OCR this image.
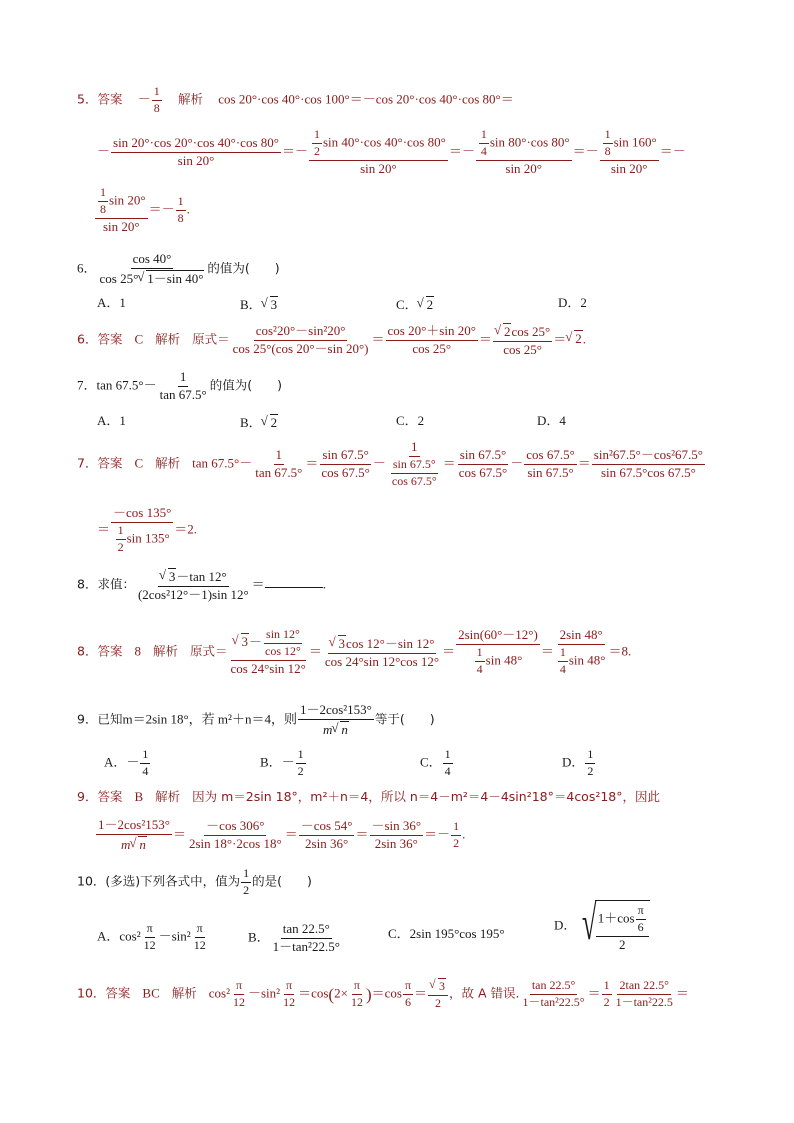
5．答案 － $\frac{1}{8}$ 解析 cos 20°·cos 40°·cos 100°＝－cos 20°·cos 40°·cos 80°＝
－ $\frac{\sin 20^\circ\cdot\cos 20^\circ\cdot\cos 40^\circ\cdot\cos 80^\circ}{\sin 20^\circ} =- \frac{\frac{1}{2} \sin 40^\circ\cdot\cos 40^\circ\cdot\cos 80^\circ}{\sin 20^\circ} =- \frac{\frac{1}{4} \sin 80^\circ\cdot\cos 80^\circ}{\sin 20^\circ} =- \frac{\frac{1}{8} \sin 160^\circ}{\sin 20^\circ}$ ＝－
$\frac{\frac{1}{8} \sin 20^\circ}{\sin 20^\circ} =- \frac{1}{8}$ .
6． $\frac{\cos 40^\circ}{\cos 25^\circ √ 1-\sin 40^\circ}$ 的值为(　　)
A．1	B． √ 3	C． √ 2	D．2
6．答案 C 解析 原式＝ $\frac{\text{cos²20°－sin²20°}}{\cos 25^\circ(\cos 20^\circ-\sin 20^\circ)} = \frac{\cos 20^\circ+\sin 20^\circ}{\cos 25^\circ}$ ＝ √ $\frac{2\cos 25^\circ}{\cos 25^\circ}$ ＝ √ 2.
7．$\tan 67.5^\circ- \frac{1}{\tan 67.5^\circ}$ 的值为(　　)
A．1	B． √ 2	C．2	D．4
7．答案 C 解析 $\tan 67.5^\circ- \frac{1}{\tan 67.5^\circ} = \frac{\sin 67.5^\circ}{\cos 67.5^\circ} - \frac{1}{\frac{\sin 67.5^\circ}{\cos 67.5^\circ}} = \frac{\sin 67.5^\circ}{\cos 67.5^\circ} - \frac{\cos 67.5^\circ}{\sin 67.5^\circ} = \frac{\text{sin²67.5°－cos²67.5°}}{\sin 67.5^\circ\cos 67.5^\circ}$
＝ $\frac{-\cos 135^\circ}{\frac{1}{2} \sin 135^\circ} =2$.
8．求值： √ $\frac{3-\tan 12^\circ}{\text{(2cos²12°－1)sin 12°}}$ ＝	.
8．答案 8 解析 原式＝ √ $\frac{3- \frac{\sin 12^\circ}{\cos 12^\circ}}{\cos 24^\circ\sin 12^\circ}$ ＝ √ $\frac{3\cos 12^\circ-\sin 12^\circ}{\cos 24^\circ\sin 12^\circ\cos 12^\circ} = \frac{2\sin(60^\circ-12^\circ)}{\frac{1}{4} \sin 48^\circ} = \frac{2\sin 48^\circ}{\frac{1}{4} \sin 48^\circ} =8$.
9．已知m＝2sin 18°，若 m²＋n＝4，则 $\frac{\text{1－2cos²153°}}{m √ n}$ 等于(　　)
A．－ $\frac{1}{4}$	B．－ $\frac{1}{2}$	C． $\frac{1}{4}$	D． $\frac{1}{2}$
9．答案 B 解析 因为 m＝2sin 18°，m²＋n＝4，所以 n＝4－m²＝4－4sin²18°＝4cos²18°，因此
$\frac{\text{1－2cos²153°}}{m √ n} = \frac{-\cos 306^\circ}{2\sin 18^\circ\cdot 2\cos 18^\circ} = \frac{-\cos 54^\circ}{2\sin 36^\circ} = \frac{-\sin 36^\circ}{2\sin 36^\circ} =- \frac{1}{2}$ .
10．(多选)下列各式中，值为 $\frac{1}{2}$ 的是(　　)
A．$\cos^2 \frac{\pi}{12} -\sin^2 \frac{\pi}{12}$	B． $\frac{\tan 22.5^\circ}{\text{1－tan²22.5°}}$	C．2sin 195°cos 195°
D． √
$\frac{1+\cos \frac{\pi}{6}}{2}$
10．答案 BC 解析 $\cos^2 \frac{\pi}{12} -\sin^2 \frac{\pi}{12} =\cos(2\times \frac{\pi}{12} )=\cos \frac{\pi}{6}$ ＝ √ $\frac{3}{2}$ ，故 A 错误. $\frac{\tan 22.5^\circ}{\text{1－tan²22.5°}} = \frac{1}{2} \frac{2\tan 22.5^\circ}{\text{1－tan²22.5}}$ ＝
